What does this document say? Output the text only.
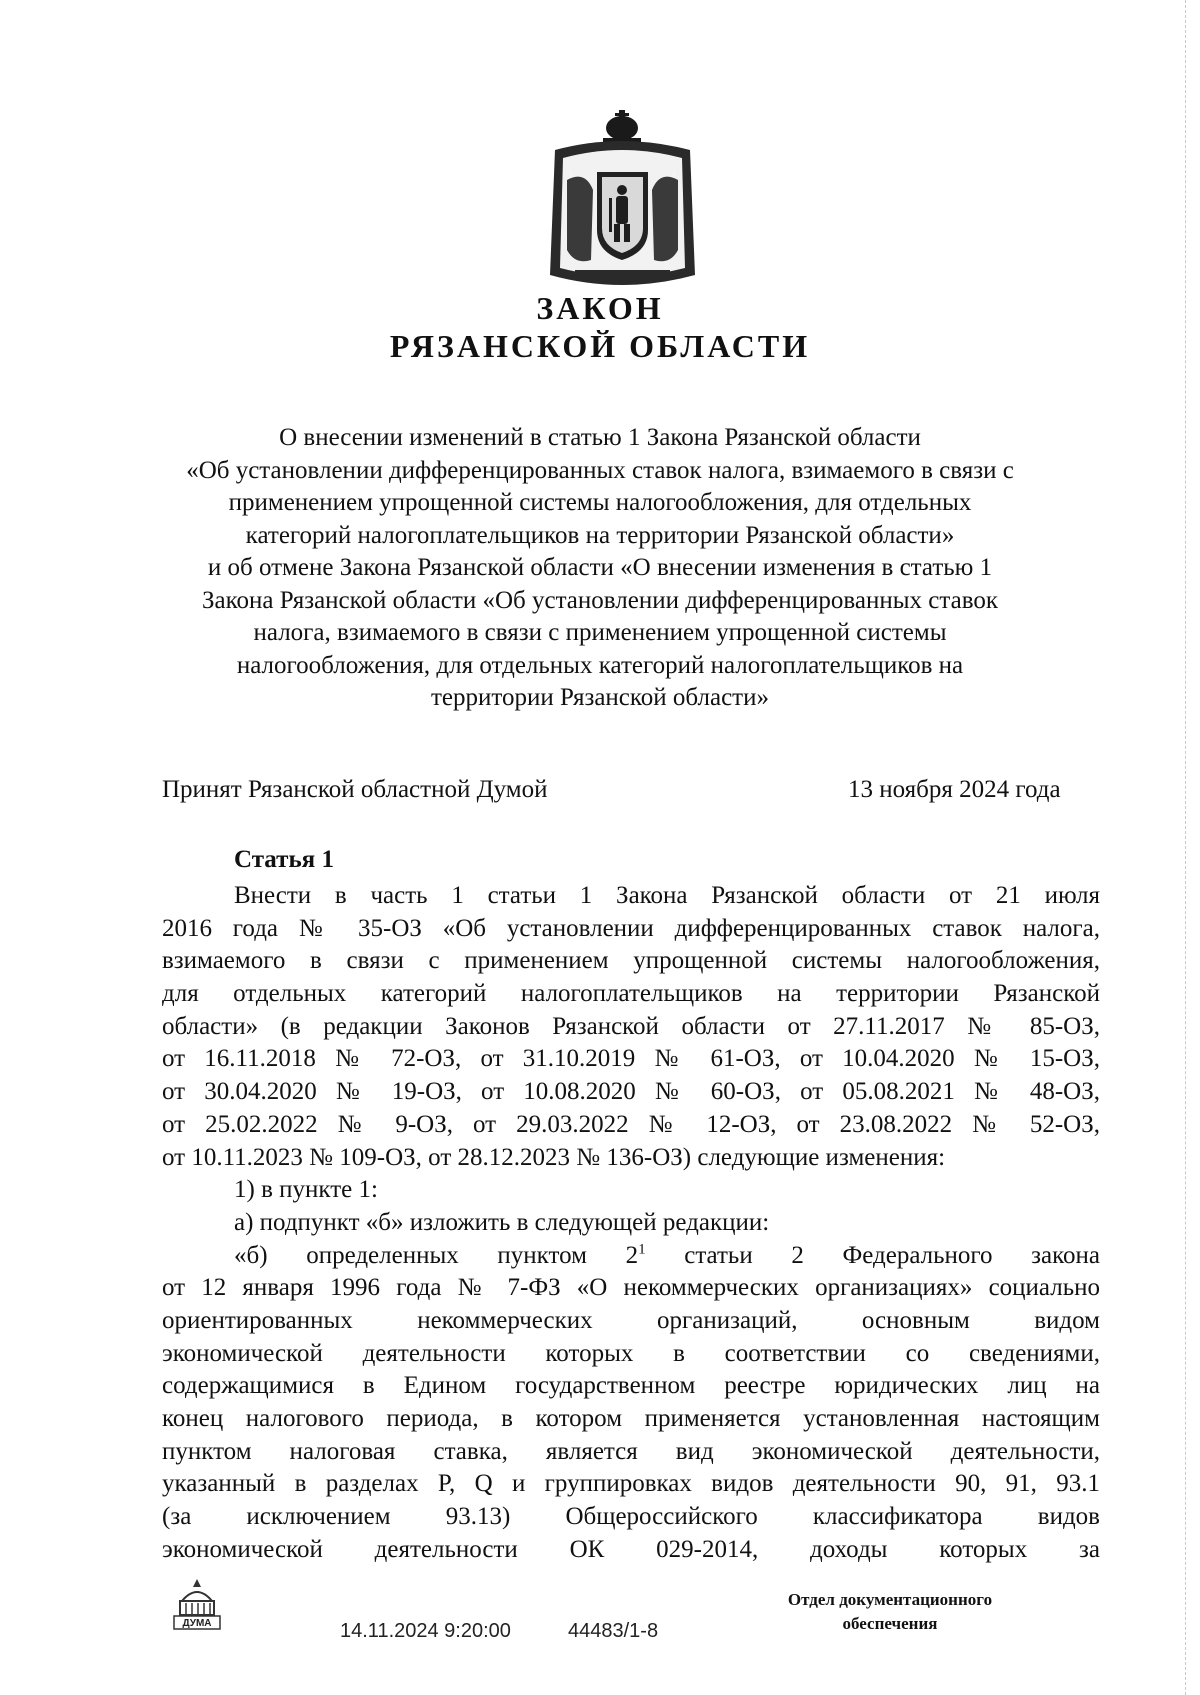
ЗАКОН
РЯЗАНСКОЙ ОБЛАСТИ
О внесении изменений в статью 1 Закона Рязанской области
«Об установлении дифференцированных ставок налога, взимаемого в связи с
применением упрощенной системы налогообложения, для отдельных
категорий налогоплательщиков на территории Рязанской области»
и об отмене Закона Рязанской области «О внесении изменения в статью 1
Закона Рязанской области «Об установлении дифференцированных ставок
налога, взимаемого в связи с применением упрощенной системы
налогообложения, для отдельных категорий налогоплательщиков на
территории Рязанской области»
Принят Рязанской областной Думой	13 ноября 2024 года
Статья 1
Внести в часть 1 статьи 1 Закона Рязанской области от 21 июля
2016 года № 35-ОЗ «Об установлении дифференцированных ставок налога,
взимаемого в связи с применением упрощенной системы налогообложения,
для отдельных категорий налогоплательщиков на территории Рязанской
области» (в редакции Законов Рязанской области от 27.11.2017 № 85-ОЗ,
от 16.11.2018 № 72-ОЗ, от 31.10.2019 № 61-ОЗ, от 10.04.2020 № 15-ОЗ,
от 30.04.2020 № 19-ОЗ, от 10.08.2020 № 60-ОЗ, от 05.08.2021 № 48-ОЗ,
от 25.02.2022 № 9-ОЗ, от 29.03.2022 № 12-ОЗ, от 23.08.2022 № 52-ОЗ,
от 10.11.2023 № 109-ОЗ, от 28.12.2023 № 136-ОЗ) следующие изменения:
1) в пункте 1:
а) подпункт «б» изложить в следующей редакции:
«б) определенных пунктом $2^1$ статьи 2 Федерального закона
от 12 января 1996 года № 7-ФЗ «О некоммерческих организациях» социально
ориентированных некоммерческих организаций, основным видом
экономической деятельности которых в соответствии со сведениями,
содержащимися в Едином государственном реестре юридических лиц на
конец налогового периода, в котором применяется установленная настоящим
пунктом налоговая ставка, является вид экономической деятельности,
указанный в разделах P, Q и группировках видов деятельности 90, 91, 93.1
(за исключением 93.13) Общероссийского классификатора видов
экономической деятельности ОК 029-2014, доходы которых за
ДУМА	14.11.2024 9:20:00	44483/1-8
Отдел документационного
обеспечения
